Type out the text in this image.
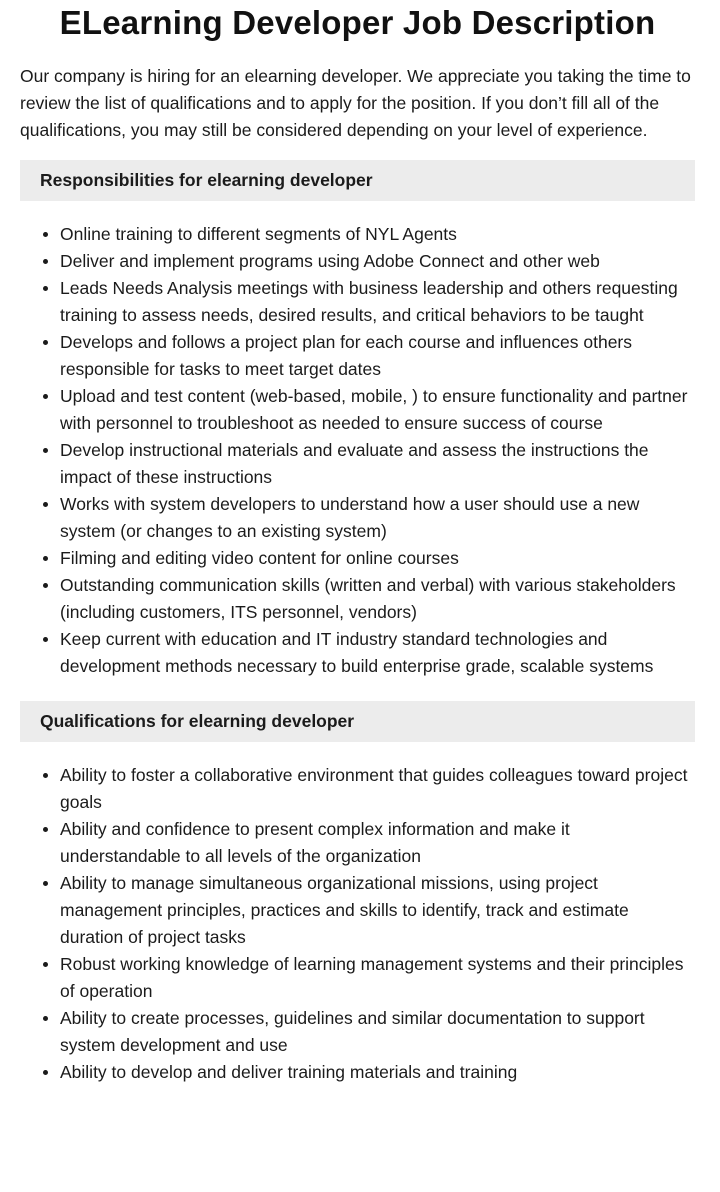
ELearning Developer Job Description

Our company is hiring for an elearning developer. We appreciate you taking the time to review the list of qualifications and to apply for the position. If you don’t fill all of the qualifications, you may still be considered depending on your level of experience.

Responsibilities for elearning developer
Online training to different segments of NYL Agents
Deliver and implement programs using Adobe Connect and other web
Leads Needs Analysis meetings with business leadership and others requesting training to assess needs, desired results, and critical behaviors to be taught
Develops and follows a project plan for each course and influences others responsible for tasks to meet target dates
Upload and test content (web-based, mobile, ) to ensure functionality and partner with personnel to troubleshoot as needed to ensure success of course
Develop instructional materials and evaluate and assess the instructions the impact of these instructions
Works with system developers to understand how a user should use a new system (or changes to an existing system)
Filming and editing video content for online courses
Outstanding communication skills (written and verbal) with various stakeholders (including customers, ITS personnel, vendors)
Keep current with education and IT industry standard technologies and development methods necessary to build enterprise grade, scalable systems
Qualifications for elearning developer
Ability to foster a collaborative environment that guides colleagues toward project goals
Ability and confidence to present complex information and make it understandable to all levels of the organization
Ability to manage simultaneous organizational missions, using project management principles, practices and skills to identify, track and estimate duration of project tasks
Robust working knowledge of learning management systems and their principles of operation
Ability to create processes, guidelines and similar documentation to support system development and use
Ability to develop and deliver training materials and training
